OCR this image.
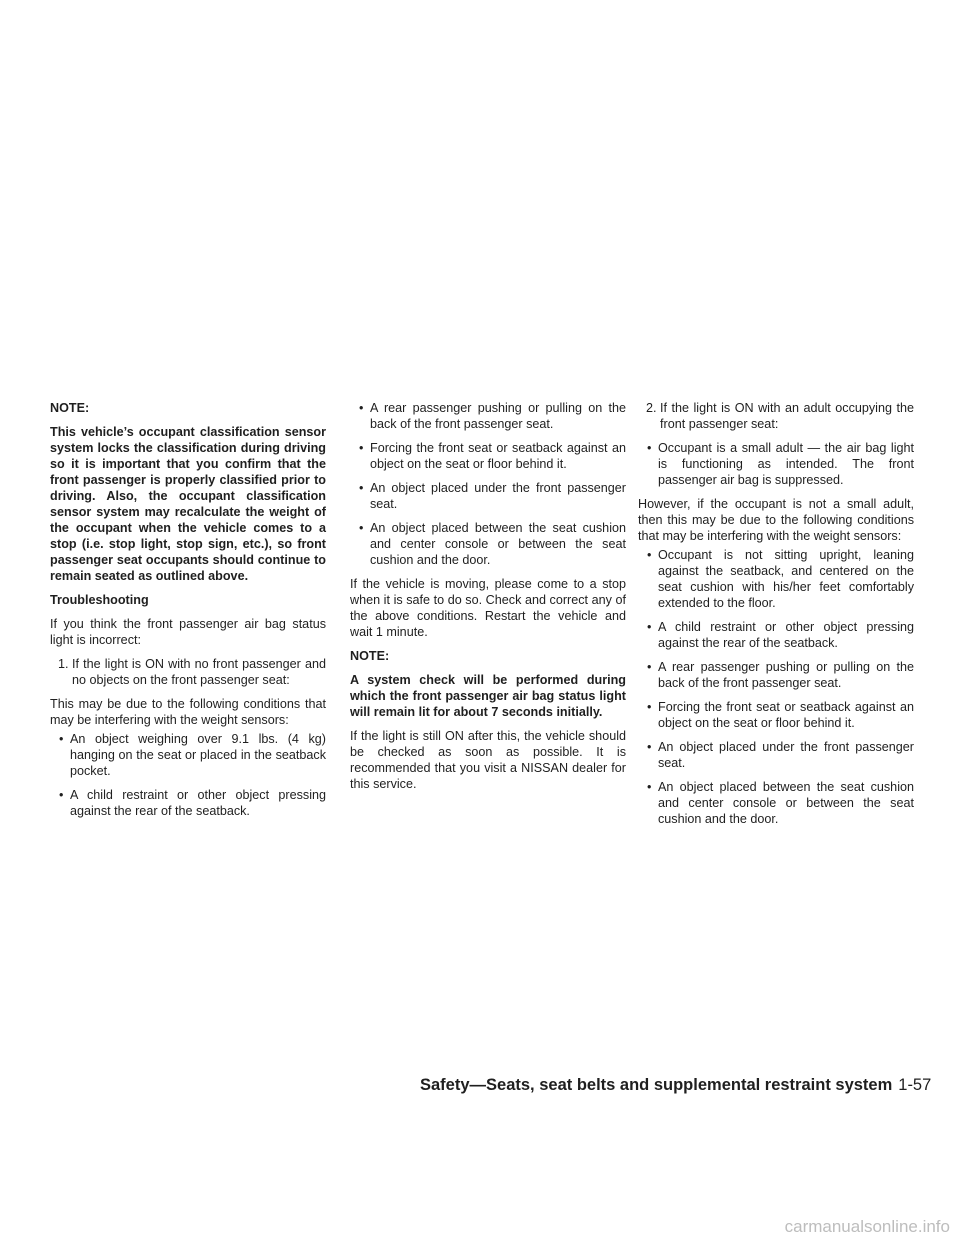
NOTE:

This vehicle’s occupant classification sensor system locks the classification during driving so it is important that you confirm that the front passenger is properly classified prior to driving. Also, the occupant classification sensor system may recalculate the weight of the occupant when the vehicle comes to a stop (i.e. stop light, stop sign, etc.), so front passenger seat occupants should continue to remain seated as outlined above.

Troubleshooting

If you think the front passenger air bag status light is incorrect:

1. If the light is ON with no front passenger and no objects on the front passenger seat:

This may be due to the following conditions that may be interfering with the weight sensors:

• An object weighing over 9.1 lbs. (4 kg) hanging on the seat or placed in the seatback pocket.
• A child restraint or other object pressing against the rear of the seatback.
• A rear passenger pushing or pulling on the back of the front passenger seat.
• Forcing the front seat or seatback against an object on the seat or floor behind it.
• An object placed under the front passenger seat.
• An object placed between the seat cushion and center console or between the seat cushion and the door.

If the vehicle is moving, please come to a stop when it is safe to do so. Check and correct any of the above conditions. Restart the vehicle and wait 1 minute.

NOTE:

A system check will be performed during which the front passenger air bag status light will remain lit for about 7 seconds initially.

If the light is still ON after this, the vehicle should be checked as soon as possible. It is recommended that you visit a NISSAN dealer for this service.

2. If the light is ON with an adult occupying the front passenger seat:
• Occupant is a small adult — the air bag light is functioning as intended. The front passenger air bag is suppressed.

However, if the occupant is not a small adult, then this may be due to the following conditions that may be interfering with the weight sensors:

• Occupant is not sitting upright, leaning against the seatback, and centered on the seat cushion with his/her feet comfortably extended to the floor.
• A child restraint or other object pressing against the rear of the seatback.
• A rear passenger pushing or pulling on the back of the front passenger seat.
• Forcing the front seat or seatback against an object on the seat or floor behind it.
• An object placed under the front passenger seat.
• An object placed between the seat cushion and center console or between the seat cushion and the door.
Safety—Seats, seat belts and supplemental restraint system 1-57
carmanualsonline.info
